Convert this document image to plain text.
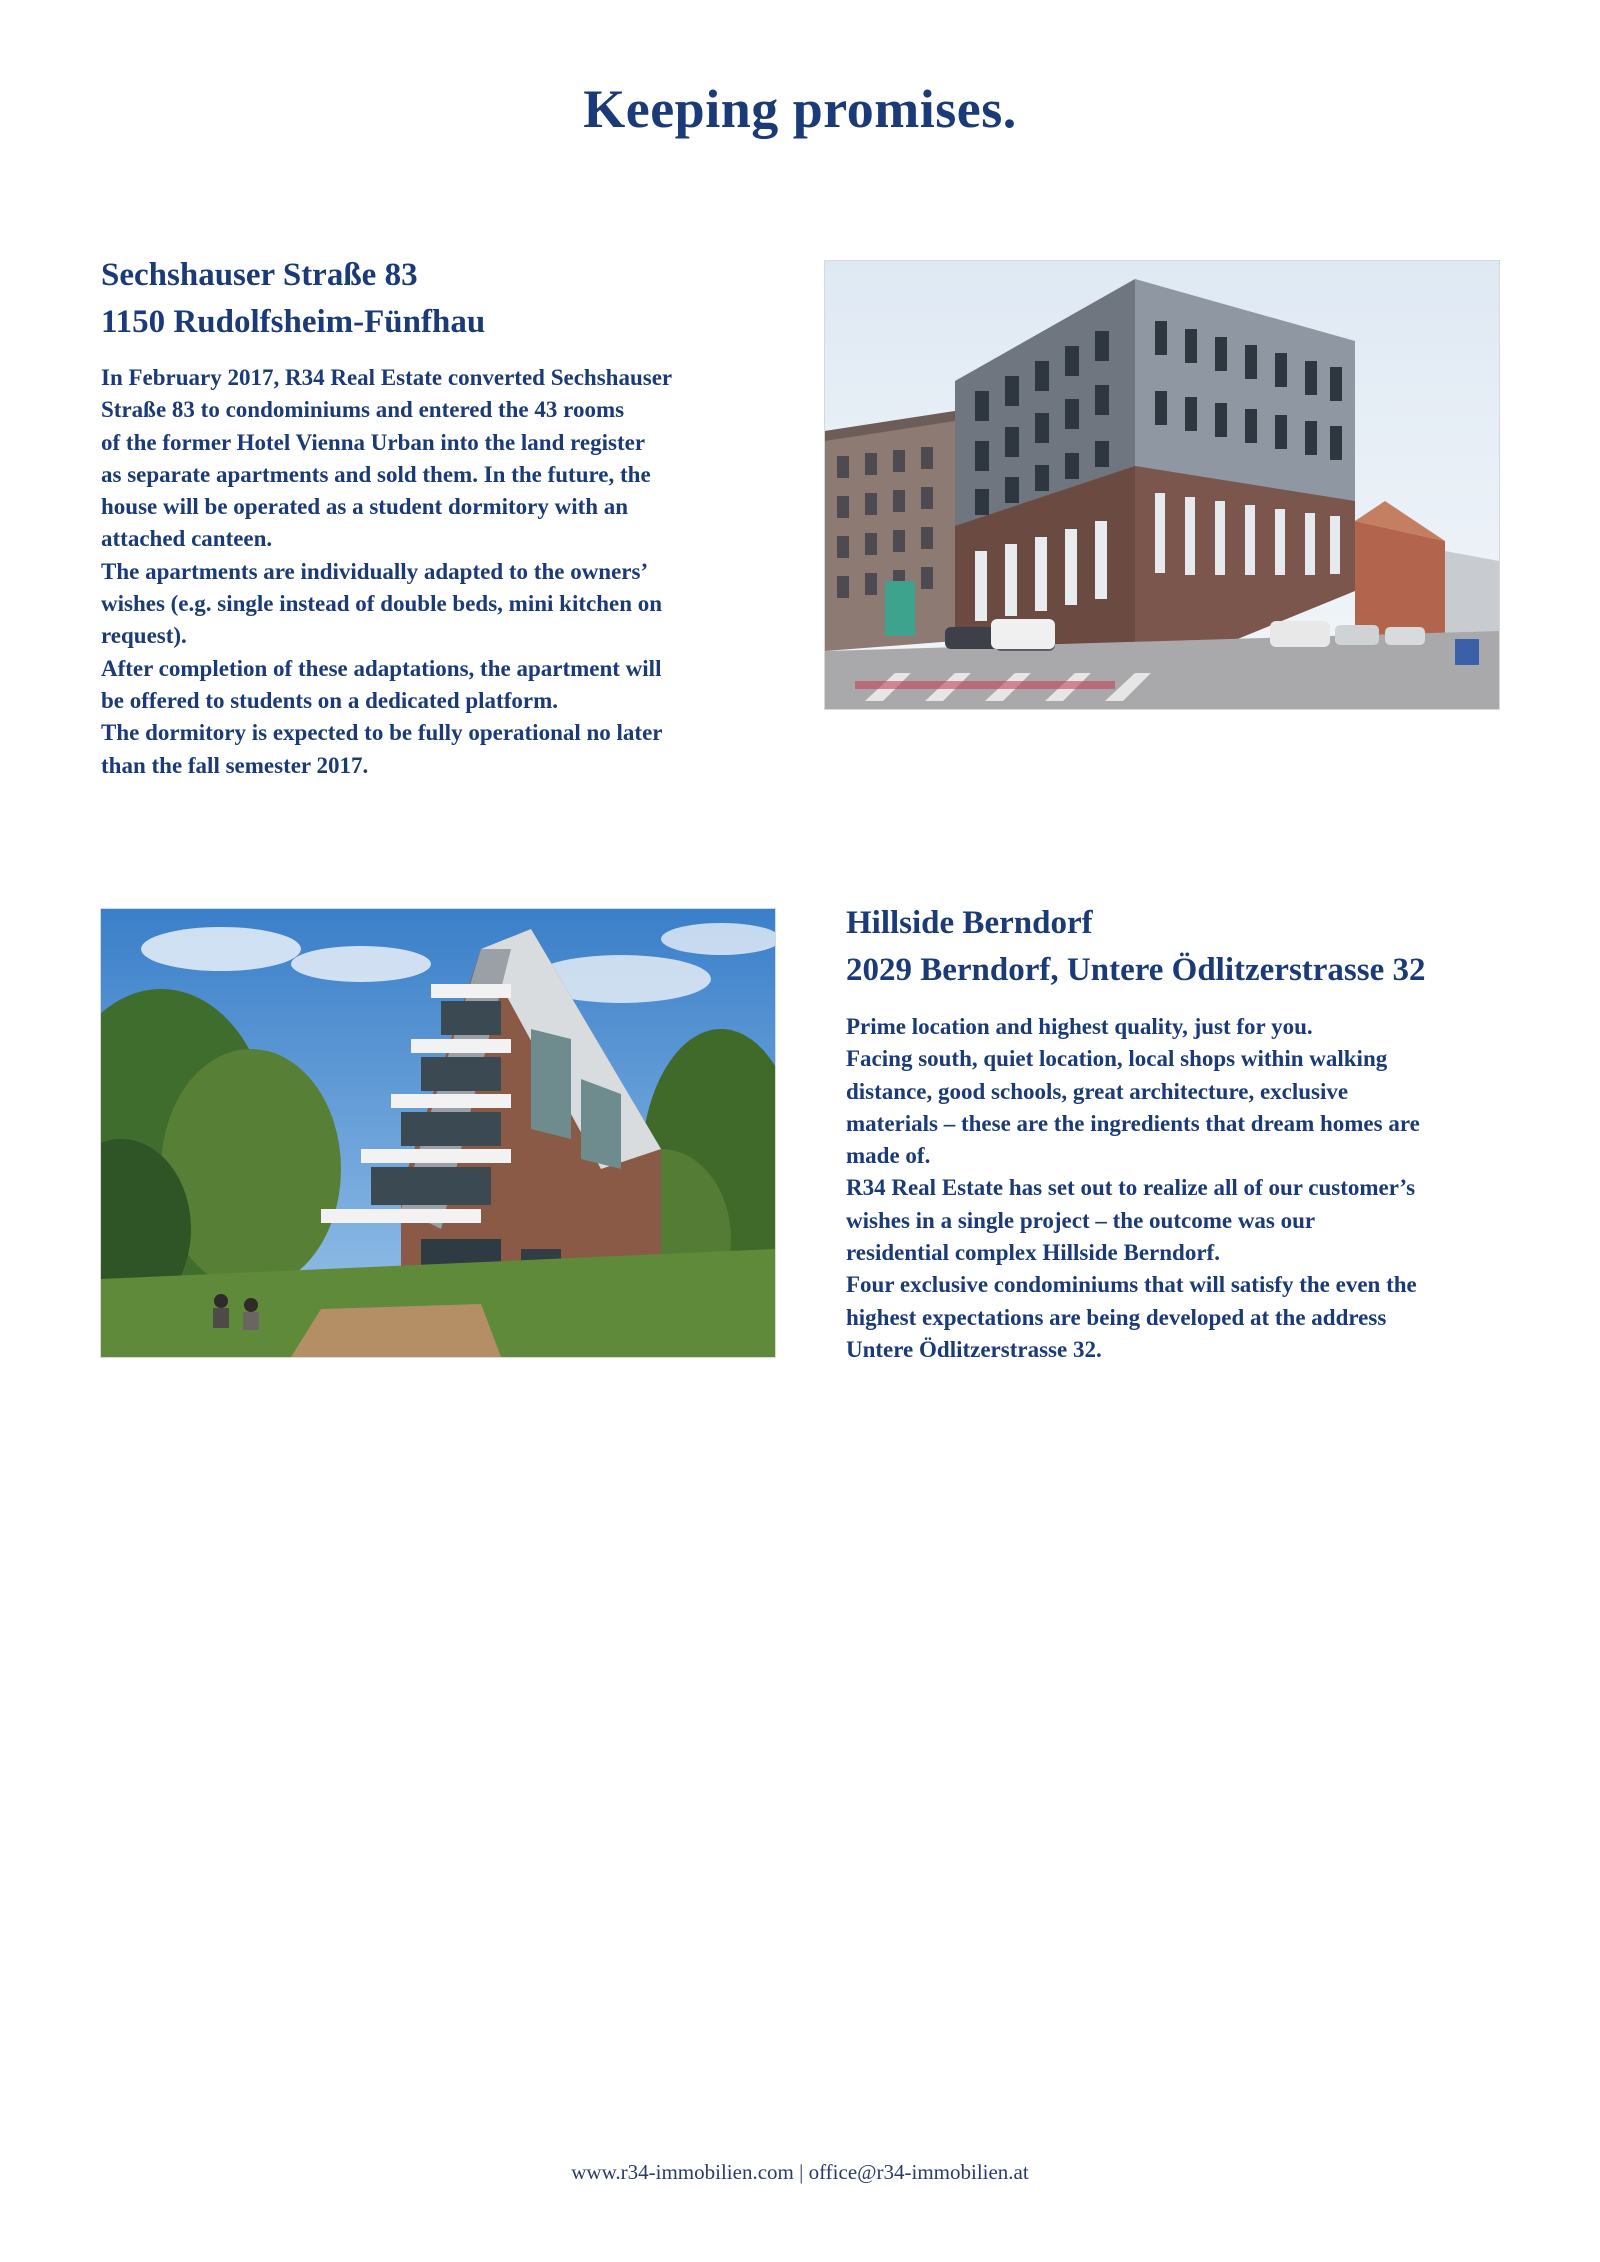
Keeping promises.
Sechshauser Straße 83
1150 Rudolfsheim-Fünfhau

In February 2017, R34 Real Estate converted Sechshauser

Straße 83 to condominiums and entered the 43 rooms

of the former Hotel Vienna Urban into the land register

as separate apartments and sold them. In the future, the

house will be operated as a student dormitory with an

attached canteen.

The apartments are individually adapted to the owners’

wishes (e.g. single instead of double beds, mini kitchen on

request).

After completion of these adaptations, the apartment will

be offered to students on a dedicated platform.

The dormitory is expected to be fully operational no later

than the fall semester 2017.

Hillside Berndorf
2029 Berndorf, Untere Ödlitzerstrasse 32

Prime location and highest quality, just for you.

Facing south, quiet location, local shops within walking

distance, good schools, great architecture, exclusive

materials – these are the ingredients that dream homes are

made of.

R34 Real Estate has set out to realize all of our customer’s

wishes in a single project – the outcome was our

residential complex Hillside Berndorf.

Four exclusive condominiums that will satisfy the even the

highest expectations are being developed at the address

Untere Ödlitzerstrasse 32.

www.r34-immobilien.com | office@r34-immobilien.at
